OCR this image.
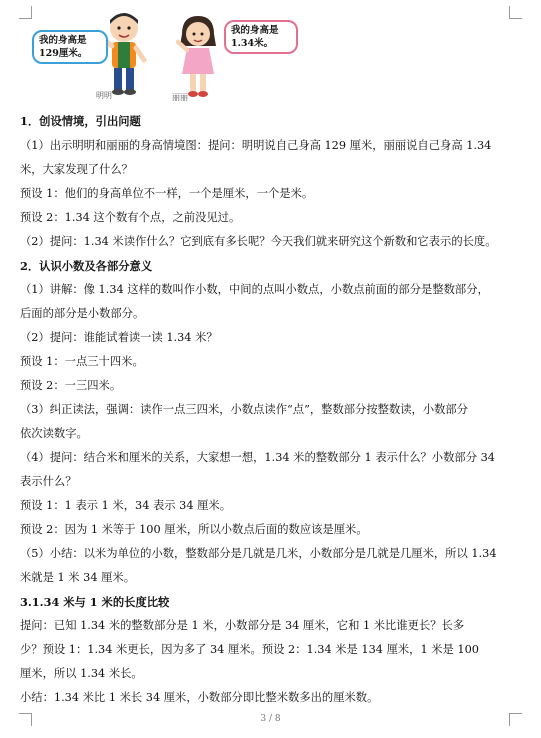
我的身高是
129厘米。
我的身高是
1.34米。
明明	丽丽
1．创设情境，引出问题
（1）出示明明和丽丽的身高情境图：提问：明明说自己身高 129 厘米，丽丽说自己身高 1.34
米，大家发现了什么？
预设 1：他们的身高单位不一样，一个是厘米，一个是米。
预设 2：1.34 这个数有个点，之前没见过。
（2）提问：1.34 米读作什么？它到底有多长呢？今天我们就来研究这个新数和它表示的长度。
2．认识小数及各部分意义
（1）讲解：像 1.34 这样的数叫作小数，中间的点叫小数点，小数点前面的部分是整数部分，
后面的部分是小数部分。
（2）提问：谁能试着读一读 1.34 米？
预设 1：一点三十四米。
预设 2：一三四米。
（3）纠正读法，强调：读作一点三四米，小数点读作“点”，整数部分按整数读，小数部分
依次读数字。
（4）提问：结合米和厘米的关系，大家想一想，1.34 米的整数部分 1 表示什么？小数部分 34
表示什么？
预设 1：1 表示 1 米，34 表示 34 厘米。
预设 2：因为 1 米等于 100 厘米，所以小数点后面的数应该是厘米。
（5）小结：以米为单位的小数，整数部分是几就是几米，小数部分是几就是几厘米，所以 1.34
米就是 1 米 34 厘米。
3.1.34 米与 1 米的长度比较
提问：已知 1.34 米的整数部分是 1 米，小数部分是 34 厘米，它和 1 米比谁更长？长多
少？预设 1：1.34 米更长，因为多了 34 厘米。预设 2：1.34 米是 134 厘米，1 米是 100
厘米，所以 1.34 米长。
小结：1.34 米比 1 米长 34 厘米，小数部分即比整米数多出的厘米数。
3 / 8
